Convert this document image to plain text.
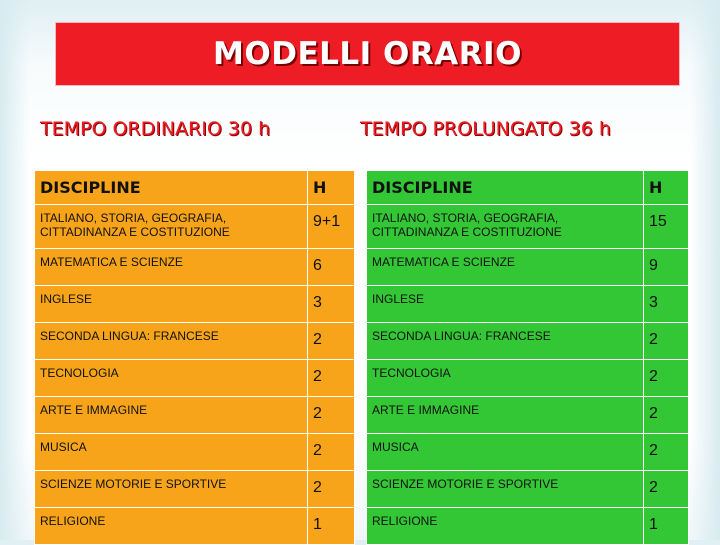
MODELLI ORARIO
TEMPO ORDINARIO 30 h	TEMPO PROLUNGATO 36 h
DISCIPLINE	H
ITALIANO, STORIA, GEOGRAFIA, CITTADINANZA E COSTITUZIONE	9+1
MATEMATICA E SCIENZE	6
INGLESE	3
SECONDA LINGUA: FRANCESE	2
TECNOLOGIA	2
ARTE E IMMAGINE	2
MUSICA	2
SCIENZE MOTORIE E SPORTIVE	2
RELIGIONE	1
DISCIPLINE	H
ITALIANO, STORIA, GEOGRAFIA, CITTADINANZA E COSTITUZIONE	15
MATEMATICA E SCIENZE	9
INGLESE	3
SECONDA LINGUA: FRANCESE	2
TECNOLOGIA	2
ARTE E IMMAGINE	2
MUSICA	2
SCIENZE MOTORIE E SPORTIVE	2
RELIGIONE	1
